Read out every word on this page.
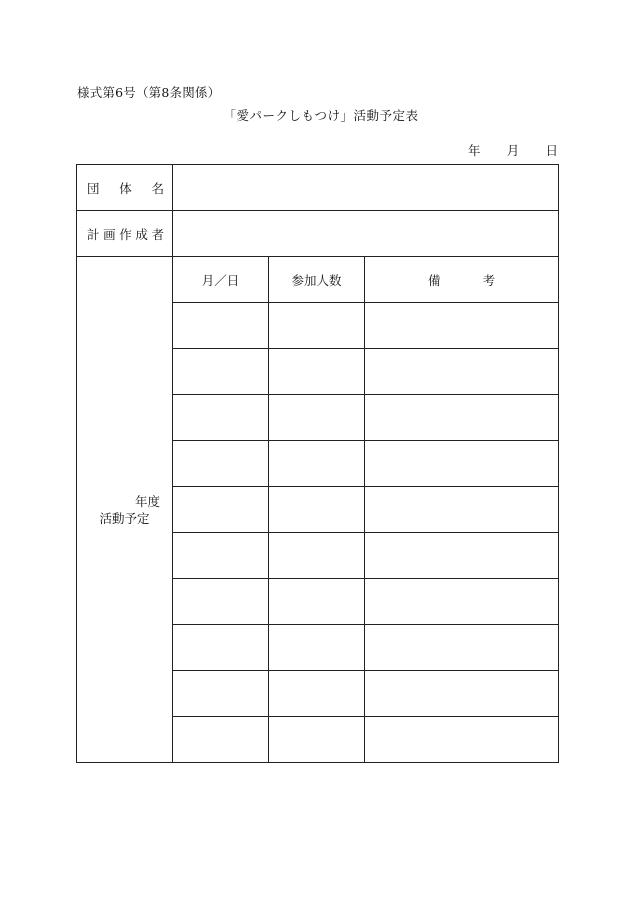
様式第6号（第8条関係）
「愛パークしもつけ」活動予定表
年 月 日
団 体 名			

計 画 作 成 者			

年度
活動予定	月／日	参加人数	備 考
